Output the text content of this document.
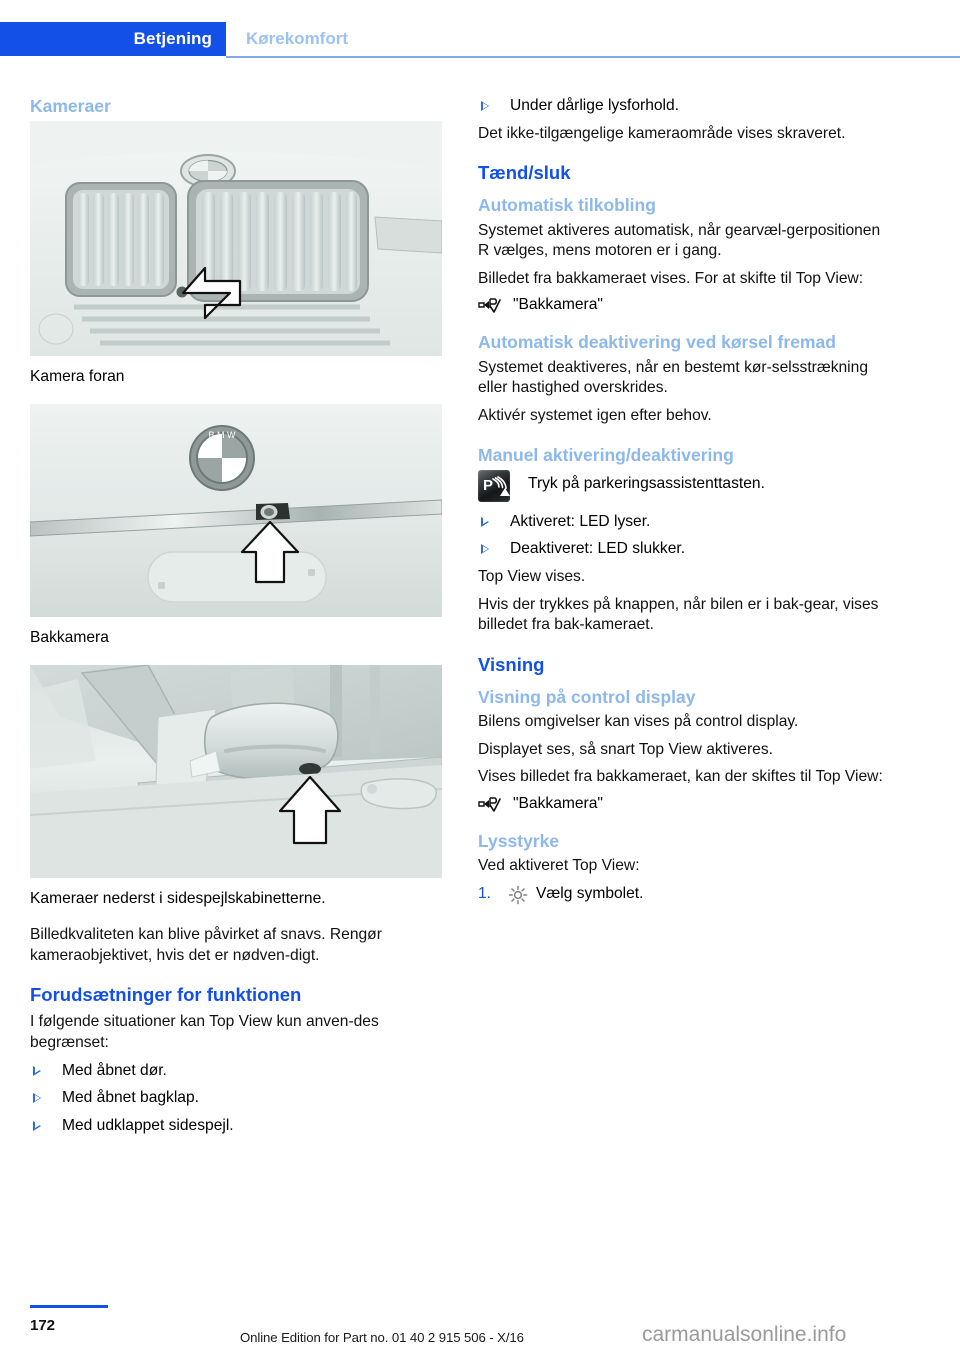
Betjening Kørekomfort
Kameraer
Kamera foran
B M W
Bakkamera
Kameraer nederst i sidespejlskabinetterne.

Billedkvaliteten kan blive påvirket af snavs. Rengør kameraobjektivet, hvis det er nødven-digt.

Forudsætninger for funktionen

I følgende situationer kan Top View kun anven-des begrænset:

Med åbnet dør.
Med åbnet bagklap.
Med udklappet sidespejl.
Under dårlige lysforhold.

Det ikke-tilgængelige kameraområde vises skraveret.

Tænd/sluk
Automatisk tilkobling

Systemet aktiveres automatisk, når gearvæl-gerpositionen R vælges, mens motoren er i gang.

Billedet fra bakkameraet vises. For at skifte til Top View:

"Bakkamera"
Automatisk deaktivering ved kørsel fremad

Systemet deaktiveres, når en bestemt kør-selsstrækning eller hastighed overskrides.

Aktivér systemet igen efter behov.

Manuel aktivering/deaktivering
P Tryk på parkeringsassistenttasten.
Aktiveret: LED lyser.
Deaktiveret: LED slukker.

Top View vises.

Hvis der trykkes på knappen, når bilen er i bak-gear, vises billedet fra bak-kameraet.

Visning
Visning på control display

Bilens omgivelser kan vises på control display.

Displayet ses, så snart Top View aktiveres.

Vises billedet fra bakkameraet, kan der skiftes til Top View:

"Bakkamera"
Lysstyrke

Ved aktiveret Top View:

1.	Vælg symbolet.
172
Online Edition for Part no. 01 40 2 915 506 - X/16	carmanualsonline.info
